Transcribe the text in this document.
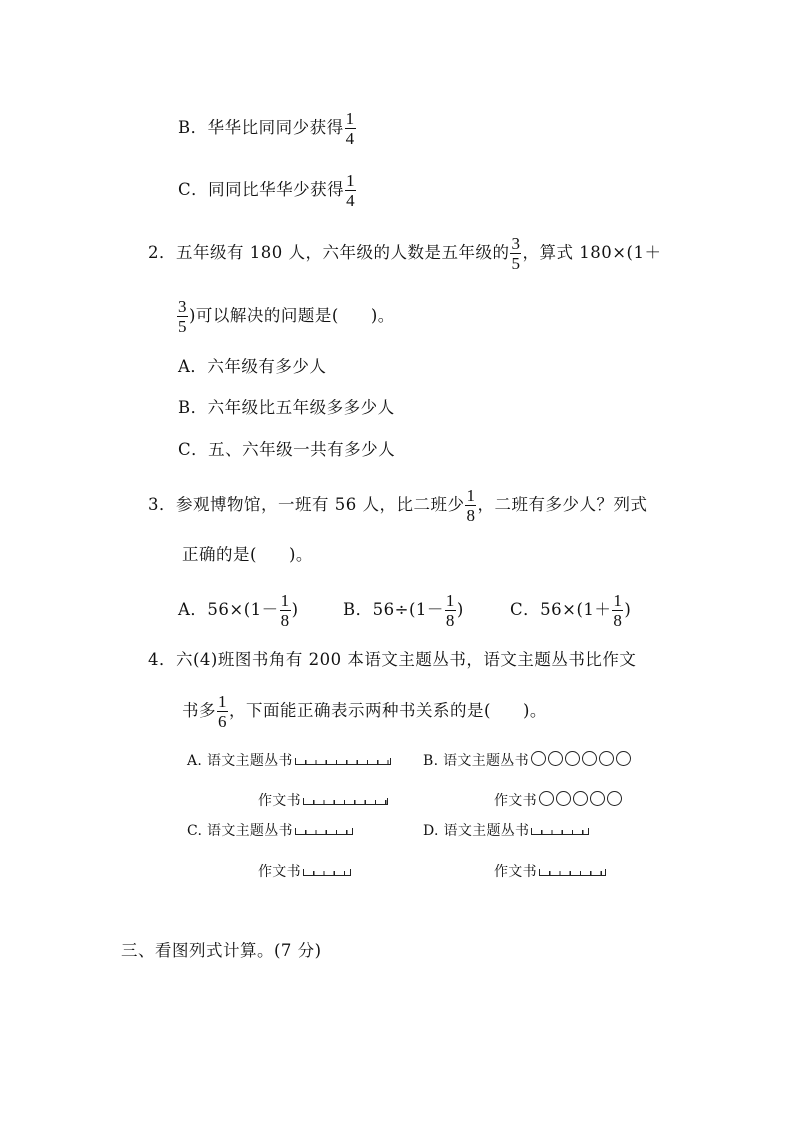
B．华华比同同少获得 $\frac{1}{4}$
C．同同比华华少获得 $\frac{1}{4}$
2．五年级有 180 人，六年级的人数是五年级的 $\frac{3}{5}$ ，算式 180×(1＋
$\frac{3}{5}$ )可以解决的问题是( )。
A．六年级有多少人
B．六年级比五年级多多少人
C．五、六年级一共有多少人
3．参观博物馆，一班有 56 人，比二班少 $\frac{1}{8}$ ，二班有多少人？列式
正确的是( )。
A．$56\times(1- \frac{1}{8}$ )	B．$56\div(1- \frac{1}{8}$ )	C．$56\times(1+ \frac{1}{8}$ )
4．六(4)班图书角有 200 本语文主题丛书，语文主题丛书比作文
书多 $\frac{1}{6}$ ，下面能正确表示两种书关系的是( )。
A. 语文主题丛书
作文书
B. 语文主题丛书
作文书
C. 语文主题丛书
作文书
D. 语文主题丛书
作文书
三、看图列式计算。(7 分)
